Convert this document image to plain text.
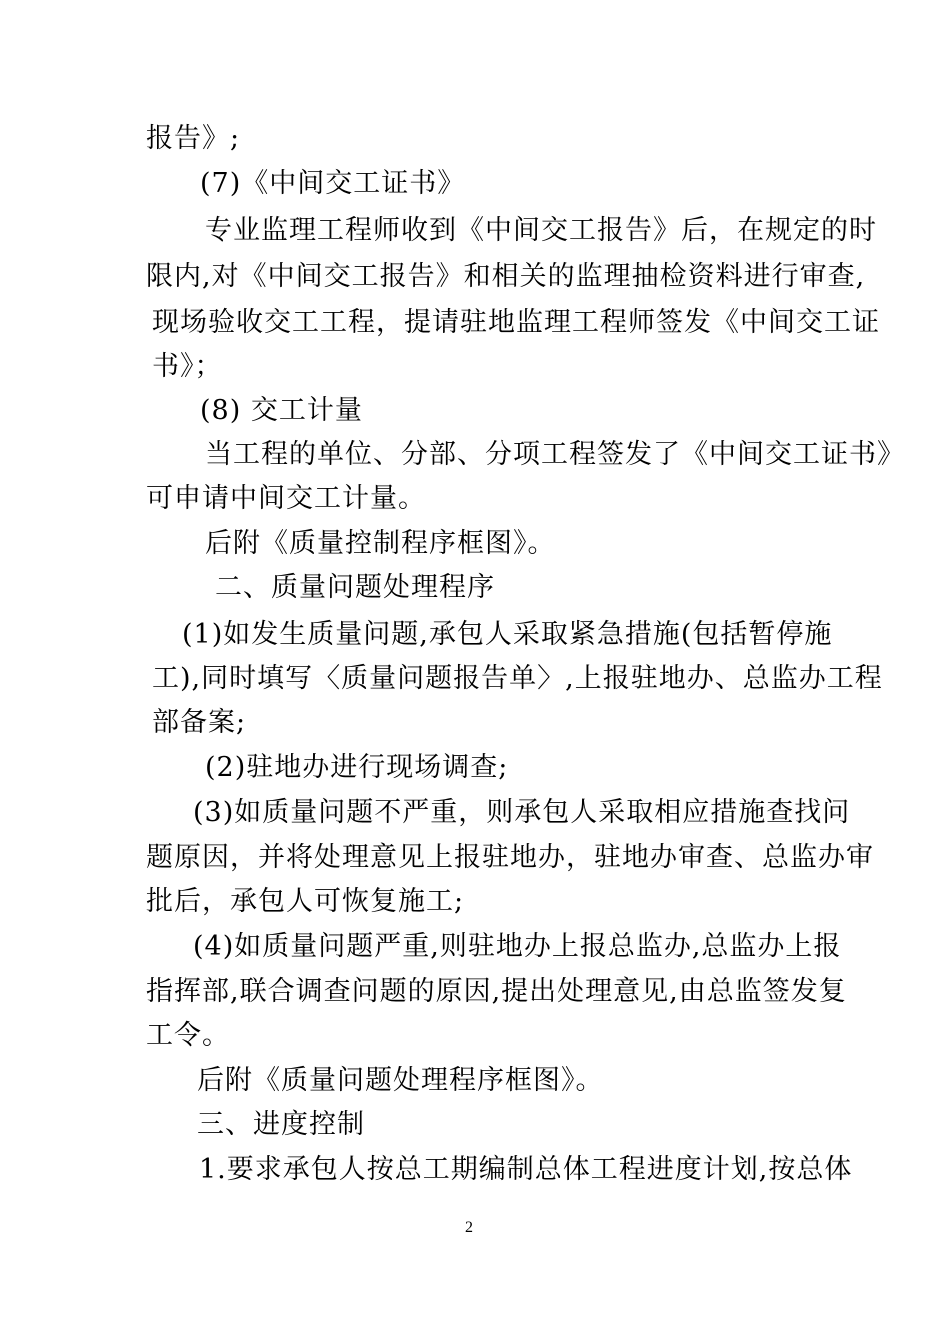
报告》;
(7)《中间交工证书》
专业监理工程师收到《中间交工报告》后，在规定的时
限内,对《中间交工报告》和相关的监理抽检资料进行审查,
现场验收交工工程，提请驻地监理工程师签发《中间交工证
书》；
(8) 交工计量
当工程的单位、分部、分项工程签发了《中间交工证书》
可申请中间交工计量。
后附《质量控制程序框图》。
二、质量问题处理程序
(1)如发生质量问题,承包人采取紧急措施(包括暂停施
工),同时填写〈质量问题报告单〉,上报驻地办、总监办工程
部备案;
(2)驻地办进行现场调查;
(3)如质量问题不严重，则承包人采取相应措施查找问
题原因，并将处理意见上报驻地办，驻地办审查、总监办审
批后，承包人可恢复施工;
(4)如质量问题严重,则驻地办上报总监办,总监办上报
指挥部,联合调查问题的原因,提出处理意见,由总监签发复
工令。
后附《质量问题处理程序框图》。
三、进度控制
1.要求承包人按总工期编制总体工程进度计划,按总体
2
